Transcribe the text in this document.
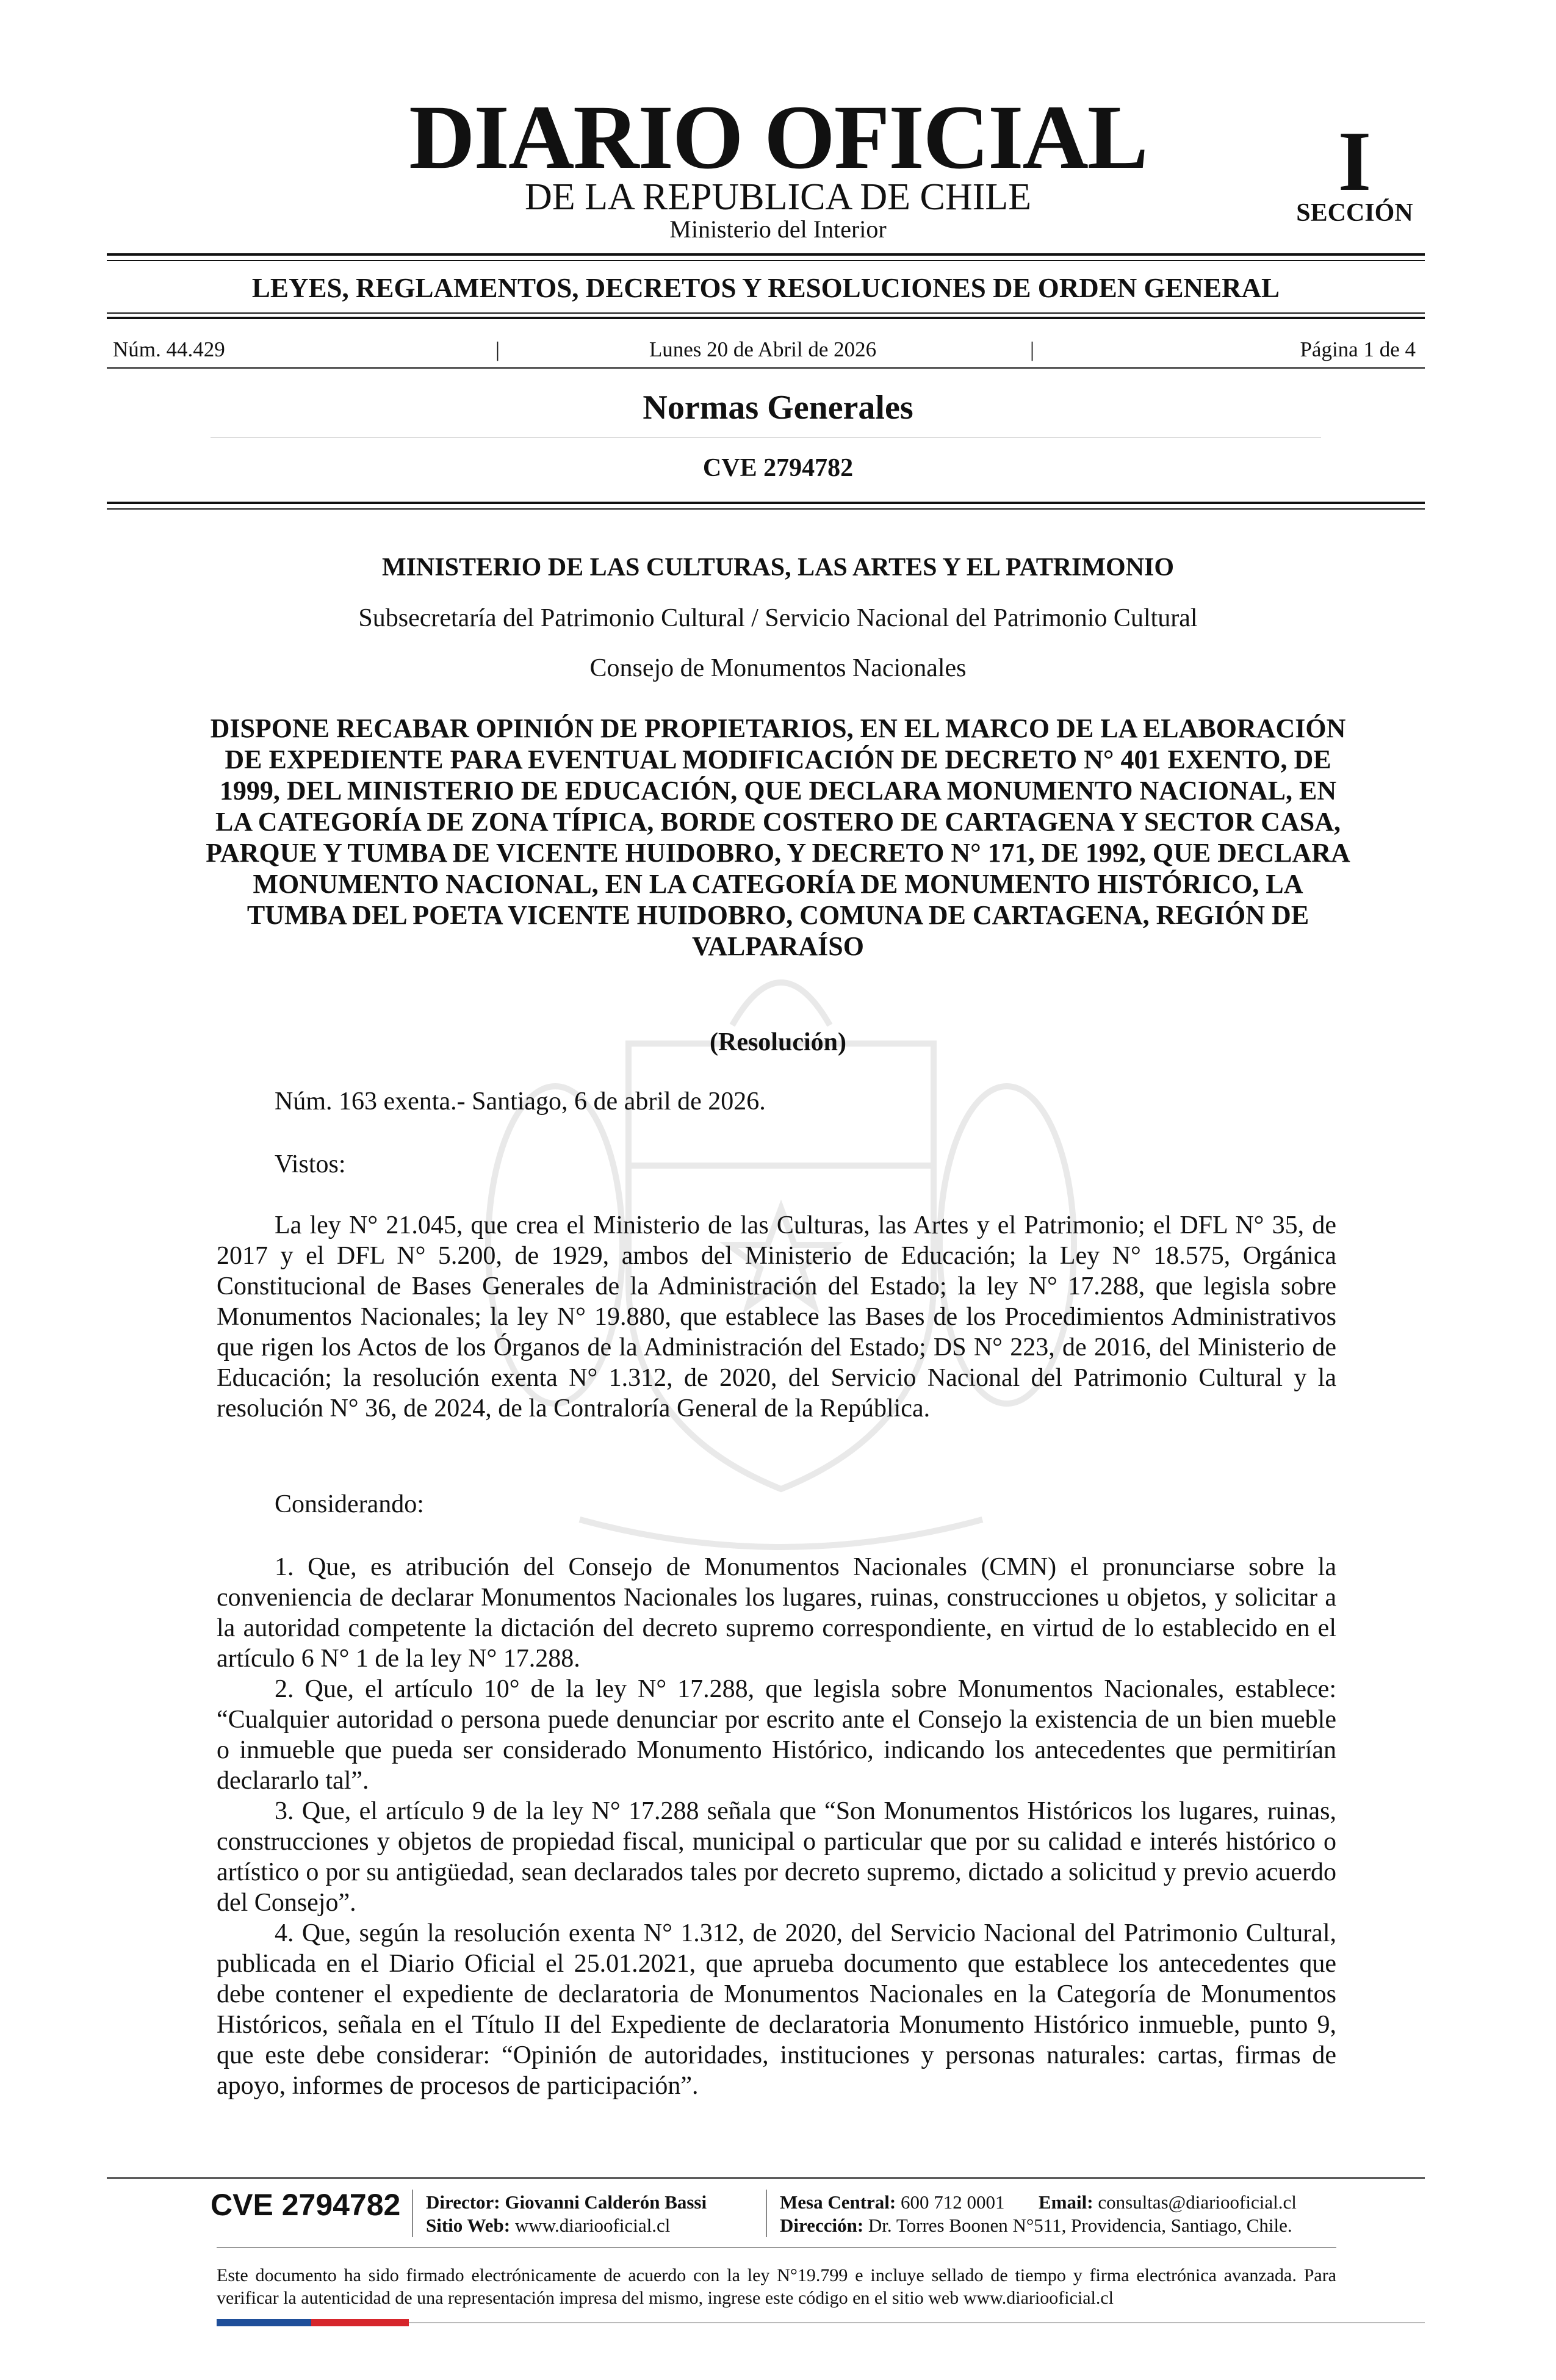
DIARIO OFICIAL
DE LA REPUBLICA DE CHILE
Ministerio del Interior
I
SECCIÓN
LEYES, REGLAMENTOS, DECRETOS Y RESOLUCIONES DE ORDEN GENERAL
Núm. 44.429	|	Lunes 20 de Abril de 2026	|	Página 1 de 4
Normas Generales
CVE 2794782
MINISTERIO DE LAS CULTURAS, LAS ARTES Y EL PATRIMONIO
Subsecretaría del Patrimonio Cultural / Servicio Nacional del Patrimonio Cultural
Consejo de Monumentos Nacionales
DISPONE RECABAR OPINIÓN DE PROPIETARIOS, EN EL MARCO DE LA ELABORACIÓN DE EXPEDIENTE PARA EVENTUAL MODIFICACIÓN DE DECRETO N° 401 EXENTO, DE 1999, DEL MINISTERIO DE EDUCACIÓN, QUE DECLARA MONUMENTO NACIONAL, EN LA CATEGORÍA DE ZONA TÍPICA, BORDE COSTERO DE CARTAGENA Y SECTOR CASA, PARQUE Y TUMBA DE VICENTE HUIDOBRO, Y DECRETO N° 171, DE 1992, QUE DECLARA MONUMENTO NACIONAL, EN LA CATEGORÍA DE MONUMENTO HISTÓRICO, LA TUMBA DEL POETA VICENTE HUIDOBRO, COMUNA DE CARTAGENA, REGIÓN DE VALPARAÍSO
(Resolución)
Núm. 163 exenta.- Santiago, 6 de abril de 2026.
Vistos:
La ley N° 21.045, que crea el Ministerio de las Culturas, las Artes y el Patrimonio; el DFL N° 35, de 2017 y el DFL N° 5.200, de 1929, ambos del Ministerio de Educación; la Ley N° 18.575, Orgánica Constitucional de Bases Generales de la Administración del Estado; la ley N° 17.288, que legisla sobre Monumentos Nacionales; la ley N° 19.880, que establece las Bases de los Procedimientos Administrativos que rigen los Actos de los Órganos de la Administración del Estado; DS N° 223, de 2016, del Ministerio de Educación; la resolución exenta N° 1.312, de 2020, del Servicio Nacional del Patrimonio Cultural y la resolución N° 36, de 2024, de la Contraloría General de la República.
Considerando:
1. Que, es atribución del Consejo de Monumentos Nacionales (CMN) el pronunciarse sobre la conveniencia de declarar Monumentos Nacionales los lugares, ruinas, construcciones u objetos, y solicitar a la autoridad competente la dictación del decreto supremo correspondiente, en virtud de lo establecido en el artículo 6 N° 1 de la ley N° 17.288.
2. Que, el artículo 10° de la ley N° 17.288, que legisla sobre Monumentos Nacionales, establece: “Cualquier autoridad o persona puede denunciar por escrito ante el Consejo la existencia de un bien mueble o inmueble que pueda ser considerado Monumento Histórico, indicando los antecedentes que permitirían declararlo tal”.
3. Que, el artículo 9 de la ley N° 17.288 señala que “Son Monumentos Históricos los lugares, ruinas, construcciones y objetos de propiedad fiscal, municipal o particular que por su calidad e interés histórico o artístico o por su antigüedad, sean declarados tales por decreto supremo, dictado a solicitud y previo acuerdo del Consejo”.
4. Que, según la resolución exenta N° 1.312, de 2020, del Servicio Nacional del Patrimonio Cultural, publicada en el Diario Oficial el 25.01.2021, que aprueba documento que establece los antecedentes que debe contener el expediente de declaratoria de Monumentos Nacionales en la Categoría de Monumentos Históricos, señala en el Título II del Expediente de declaratoria Monumento Histórico inmueble, punto 9, que este debe considerar: “Opinión de autoridades, instituciones y personas naturales: cartas, firmas de apoyo, informes de procesos de participación”.
CVE 2794782 Director: Giovanni Calderón Bassi
Sitio Web: www.diariooficial.cl
Mesa Central: 600 712 0001 Email: consultas@diariooficial.cl
Dirección: Dr. Torres Boonen N°511, Providencia, Santiago, Chile.
Este documento ha sido firmado electrónicamente de acuerdo con la ley N°19.799 e incluye sellado de tiempo y firma electrónica avanzada. Para verificar la autenticidad de una representación impresa del mismo, ingrese este código en el sitio web www.diariooficial.cl
